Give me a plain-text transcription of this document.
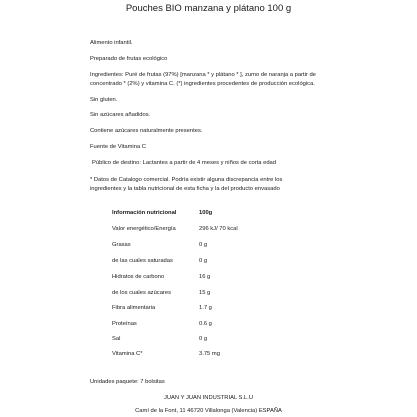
Pouches BIO manzana y plátano 100 g
Alimento infantil.
Preparado de frutas ecológico
Ingredientes: Puré de frutas (97%) [manzana * y plátano * ], zumo de naranja a partir de
concentrado * (2%) y vitamina C. (*) ingredientes procedentes de producción ecológica.
Sin gluten.
Sin azúcares añadidos.
Contiene azúcares naturalmente presentes.
Fuente de Vitamina C
Público de destino: Lactantes a partir de 4 meses y niños de corta edad
* Datos de Catalogo comercial. Podría existir alguna discrepancia entre los
ingredientes y la tabla nutricional de esta ficha y la del producto envasado
Información nutricional	100g
Valor energético/Energía	296 kJ/ 70 kcal
Grasas	0 g
de las cuales saturadas	0 g
Hidratos de carbono	16 g
de los cuales azúcares	15 g
Fibra alimentaria	1.7 g
Proteínas	0.6 g
Sal	0 g
Vitamina C*	3.75 mg
Unidades paquete: 7 bolsitas
JUAN Y JUAN INDUSTRIAL S.L.U
Camí de la Font, 11 46720 Villalonga (Valencia) ESPAÑA
